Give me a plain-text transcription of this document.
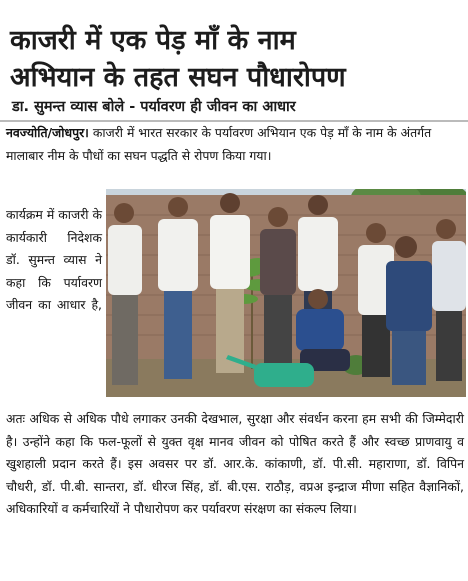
काजरी में एक पेड़ माँ के नाम
अभियान के तहत सघन पौधारोपण
डा. सुमन्त व्यास बोले - पर्यावरण ही जीवन का आधार
नवज्योति/जोधपुर। काजरी में भारत सरकार के पर्यावरण अभियान एक पेड़ माँ के नाम के अंतर्गत मालाबार नीम के पौधों का सघन पद्धति से रोपण किया गया।
कार्यक्रम में काजरी के कार्यकारी निदेशक डॉ. सुमन्त व्यास ने कहा कि पर्यावरण जीवन का आधार है,
अतः अधिक से अधिक पौधे लगाकर उनकी देखभाल, सुरक्षा और संवर्धन करना हम सभी की जिम्मेदारी है। उन्होंने कहा कि फल-फूलों से युक्त वृक्ष मानव जीवन को पोषित करते हैं और स्वच्छ प्राणवायु व खुशहाली प्रदान करते हैं। इस अवसर पर डॉ. आर.के. कांकाणी, डॉ. पी.सी. महाराणा, डॉ. विपिन चौधरी, डॉ. पी.बी. सान्तरा, डॉ. धीरज सिंह, डॉ. बी.एस. राठौड़, वप्रअ इन्द्राज मीणा सहित वैज्ञानिकों, अधिकारियों व कर्मचारियों ने पौधारोपण कर पर्यावरण संरक्षण का संकल्प लिया।
